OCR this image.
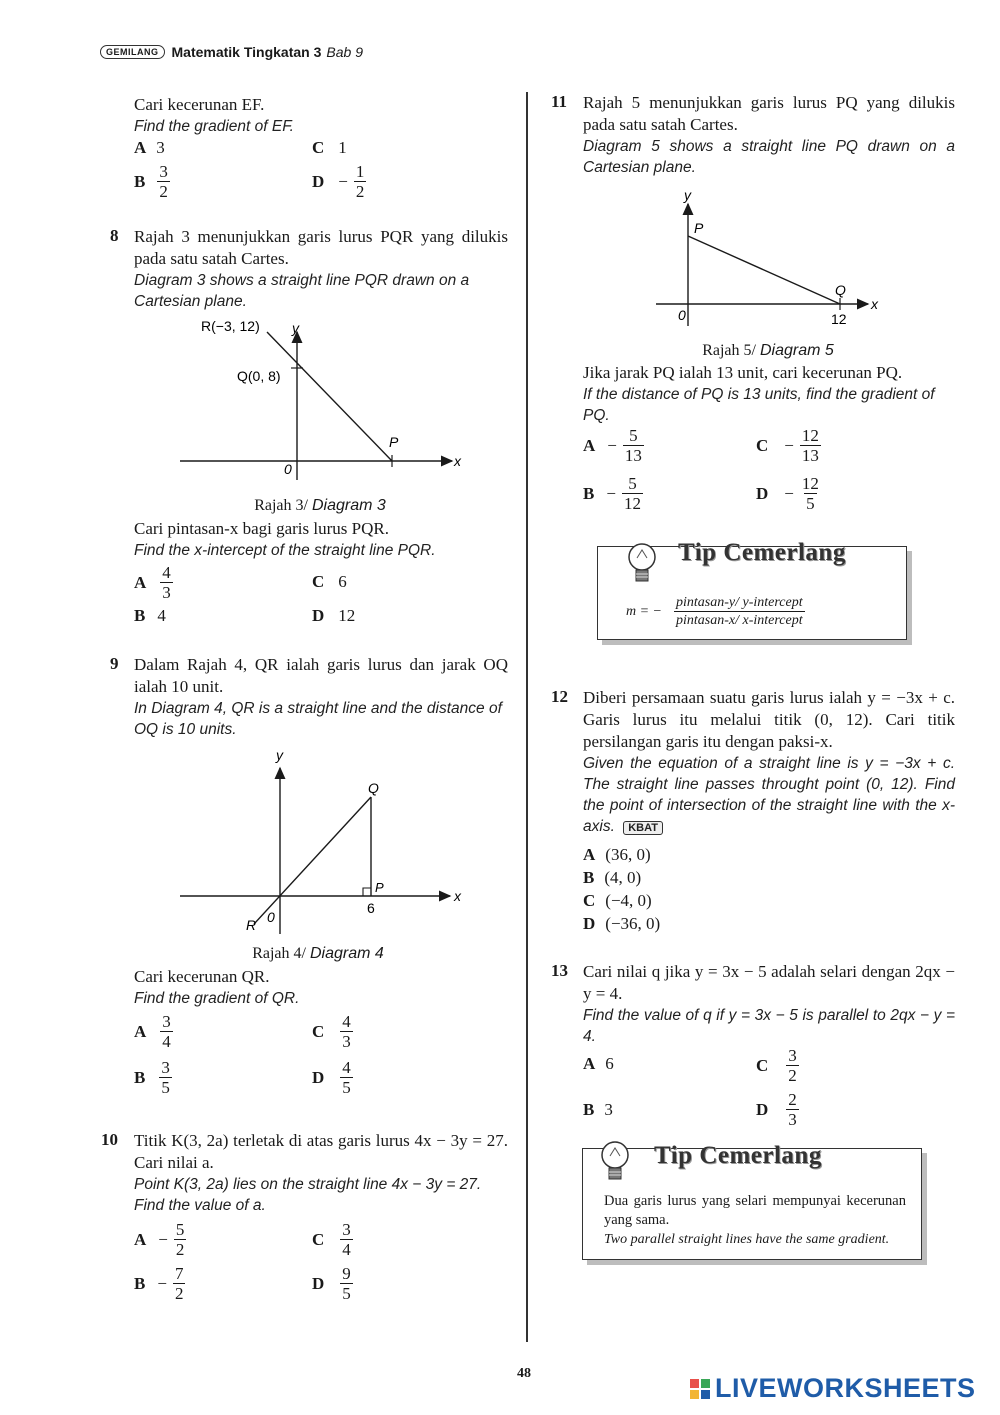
GEMILANG Matematik Tingkatan 3 Bab 9
Cari kecerunan EF.
Find the gradient of EF.
A 3	C 1
B $\frac{3}{2}$	$D - \frac{1}{2}$
8 Rajah 3 menunjukkan garis lurus PQR yang dilukis pada satu satah Cartes.
Diagram 3 shows a straight line PQR drawn on a Cartesian plane.
R(−3, 12)
Q(0, 8)
y
P
0	x
Rajah 3/ Diagram 3
Cari pintasan-x bagi garis lurus PQR.
Find the x-intercept of the straight line PQR.
A $\frac{4}{3}$	C 6
B 4	D 12
9 Dalam Rajah 4, QR ialah garis lurus dan jarak OQ ialah 10 unit.
In Diagram 4, QR is a straight line and the distance of OQ is 10 units.
y
Q
P
6
0
R
x
Rajah 4/ Diagram 4
Cari kecerunan QR.
Find the gradient of QR.
A $\frac{3}{4}$	C $\frac{4}{3}$
B $\frac{3}{5}$	D $\frac{4}{5}$
10 Titik K(3, 2a) terletak di atas garis lurus 4x − 3y = 27. Cari nilai a.
Point K(3, 2a) lies on the straight line 4x − 3y = 27. Find the value of a.
$A - \frac{5}{2}$	C $\frac{3}{4}$
$B - \frac{7}{2}$	D $\frac{9}{5}$
11 Rajah 5 menunjukkan garis lurus PQ yang dilukis pada satu satah Cartes.
Diagram 5 shows a straight line PQ drawn on a Cartesian plane.
y
P
Q
0	12
x
Rajah 5/ Diagram 5
Jika jarak PQ ialah 13 unit, cari kecerunan PQ.
If the distance of PQ is 13 units, find the gradient of PQ.
$A - \frac{5}{13}$	$C - \frac{12}{13}$
$B - \frac{5}{12}$	$D - \frac{12}{5}$
Tip Cemerlang
m = − $\frac{\text{pintasan-y/ y-intercept}}{\text{pintasan-x/ x-intercept}}$
12 Diberi persamaan suatu garis lurus ialah y = −3x + c. Garis lurus itu melalui titik (0, 12). Cari titik persilangan garis itu dengan paksi-x.
Given the equation of a straight line is y = −3x + c. The straight line passes throught point (0, 12). Find the point of intersection of the straight line with the x-axis. KBAT
A (36, 0)
B (4, 0)
C (−4, 0)
D (−36, 0)
13 Cari nilai q jika y = 3x − 5 adalah selari dengan 2qx − y = 4.
Find the value of q if y = 3x − 5 is parallel to 2qx − y = 4.
A 6	C $\frac{3}{2}$
B 3	D $\frac{2}{3}$
Tip Cemerlang
Dua garis lurus yang selari mempunyai kecerunan yang sama.
Two parallel straight lines have the same gradient.
48	LIVEWORKSHEETS
